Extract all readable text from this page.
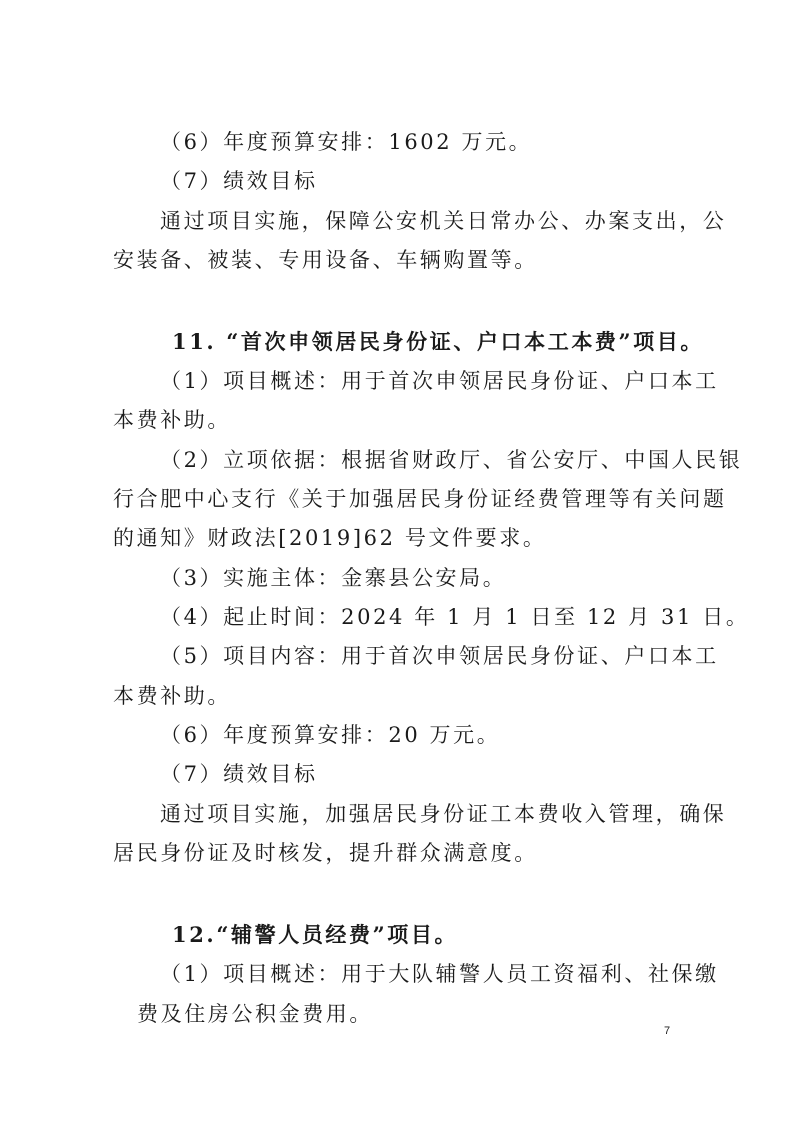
（6）年度预算安排：1602 万元。

（7）绩效目标

通过项目实施，保障公安机关日常办公、办案支出，公

安装备、被装、专用设备、车辆购置等。

11. “首次申领居民身份证、户口本工本费”项目。

（1）项目概述：用于首次申领居民身份证、户口本工

本费补助。

（2）立项依据：根据省财政厅、省公安厅、中国人民银

行合肥中心支行《关于加强居民身份证经费管理等有关问题

的通知》财政法[2019]62 号文件要求。

（3）实施主体：金寨县公安局。

（4）起止时间：2024 年 1 月 1 日至 12 月 31 日。

（5）项目内容：用于首次申领居民身份证、户口本工

本费补助。

（6）年度预算安排：20 万元。

（7）绩效目标

通过项目实施，加强居民身份证工本费收入管理，确保

居民身份证及时核发，提升群众满意度。

12.“辅警人员经费”项目。

（1）项目概述：用于大队辅警人员工资福利、社保缴

费及住房公积金费用。

7
